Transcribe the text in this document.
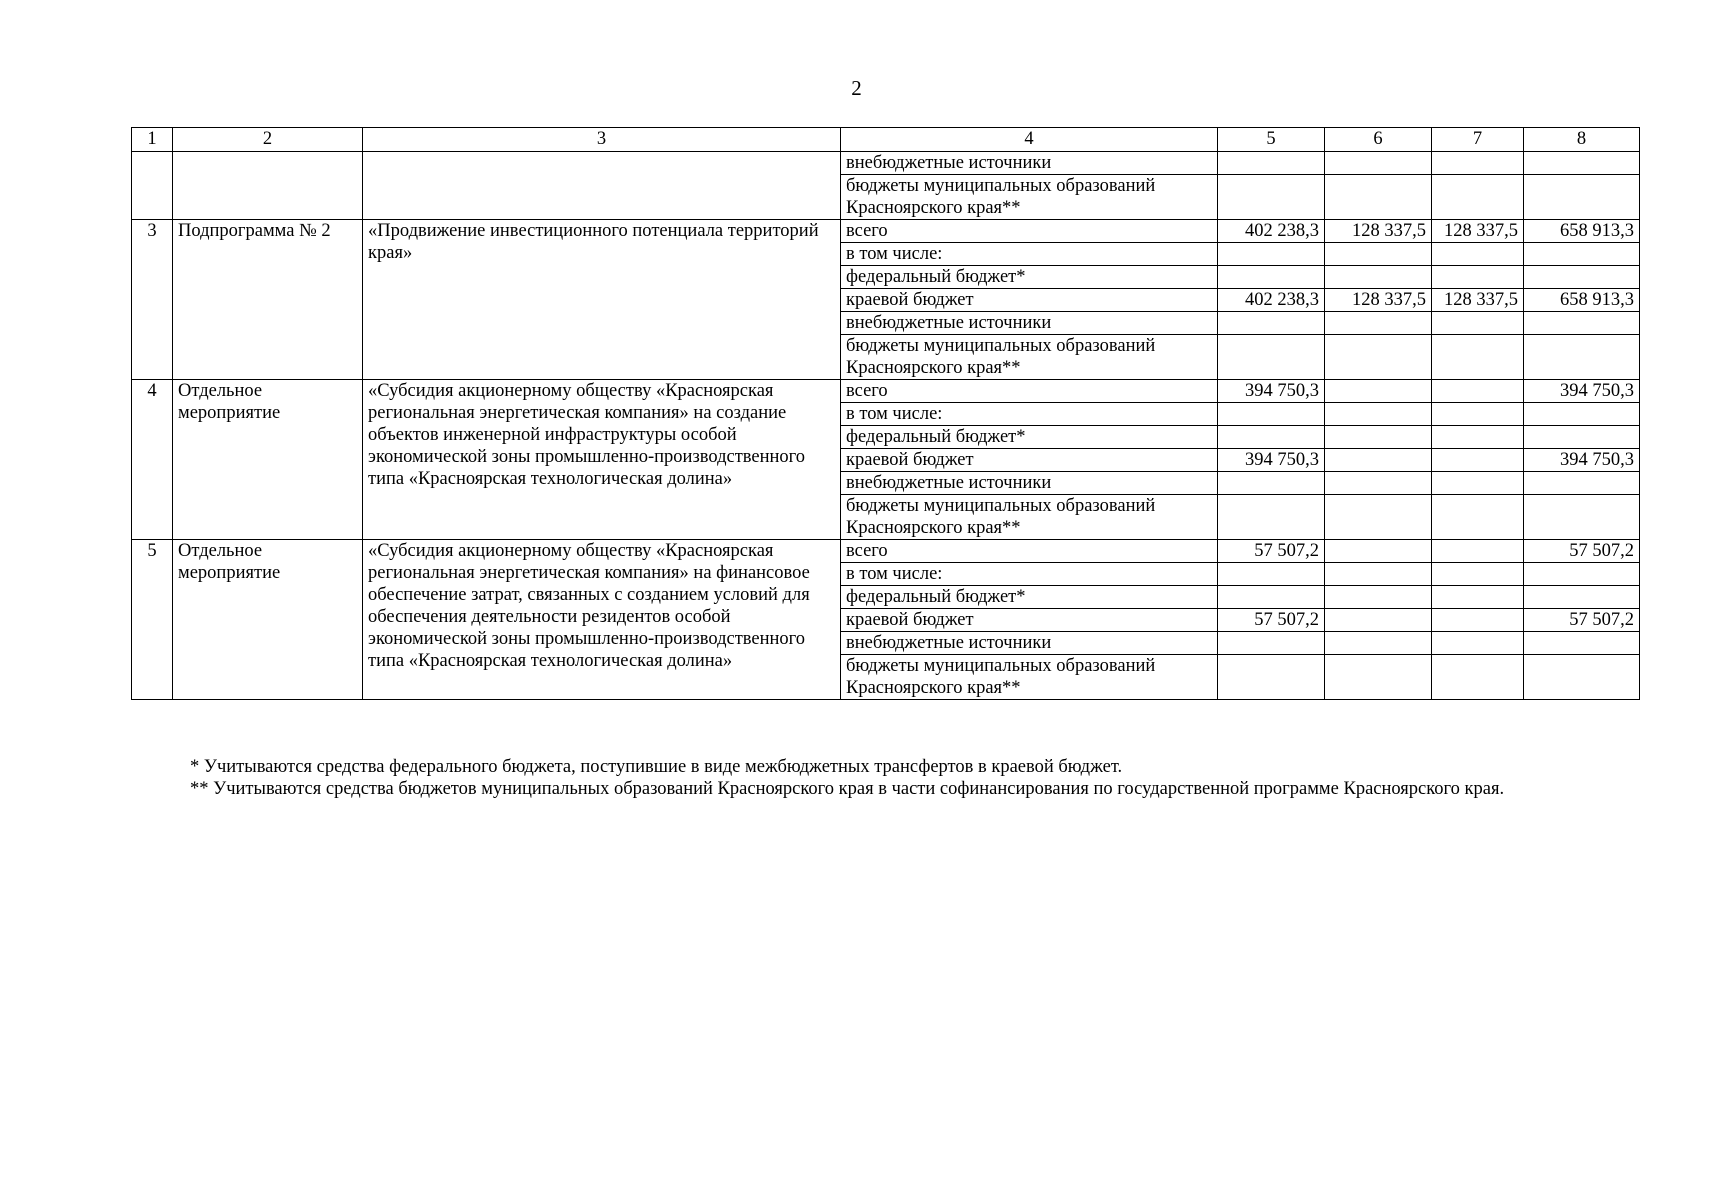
2
1	2	3	4	5	6	7	8
			внебюджетные источники				
			бюджеты муниципальных образований Красноярского края**				
3	Подпрограмма № 2	«Продвижение инвестиционного потенциала территорий края»	всего	402 238,3	128 337,5	128 337,5	658 913,3
			в том числе:				
			федеральный бюджет*				
			краевой бюджет	402 238,3	128 337,5	128 337,5	658 913,3
			внебюджетные источники				
			бюджеты муниципальных образований Красноярского края**				
4	Отдельное мероприятие	«Субсидия акционерному обществу «Красноярская региональная энергетическая компания» на создание объектов инженерной инфраструктуры особой экономической зоны промышленно-производственного типа «Красноярская технологическая долина»	всего	394 750,3			394 750,3
			в том числе:				
			федеральный бюджет*				
			краевой бюджет	394 750,3			394 750,3
			внебюджетные источники				
			бюджеты муниципальных образований Красноярского края**				
5	Отдельное мероприятие	«Субсидия акционерному обществу «Красноярская региональная энергетическая компания» на финансовое обеспечение затрат, связанных с созданием условий для обеспечения деятельности резидентов особой экономической зоны промышленно-производственного типа «Красноярская технологическая долина»	всего	57 507,2			57 507,2
			в том числе:				
			федеральный бюджет*				
			краевой бюджет	57 507,2			57 507,2
			внебюджетные источники				
			бюджеты муниципальных образований Красноярского края**				

* Учитываются средства федерального бюджета, поступившие в виде межбюджетных трансфертов в краевой бюджет.

** Учитываются средства бюджетов муниципальных образований Красноярского края в части софинансирования по государственной программе Красноярского края.
